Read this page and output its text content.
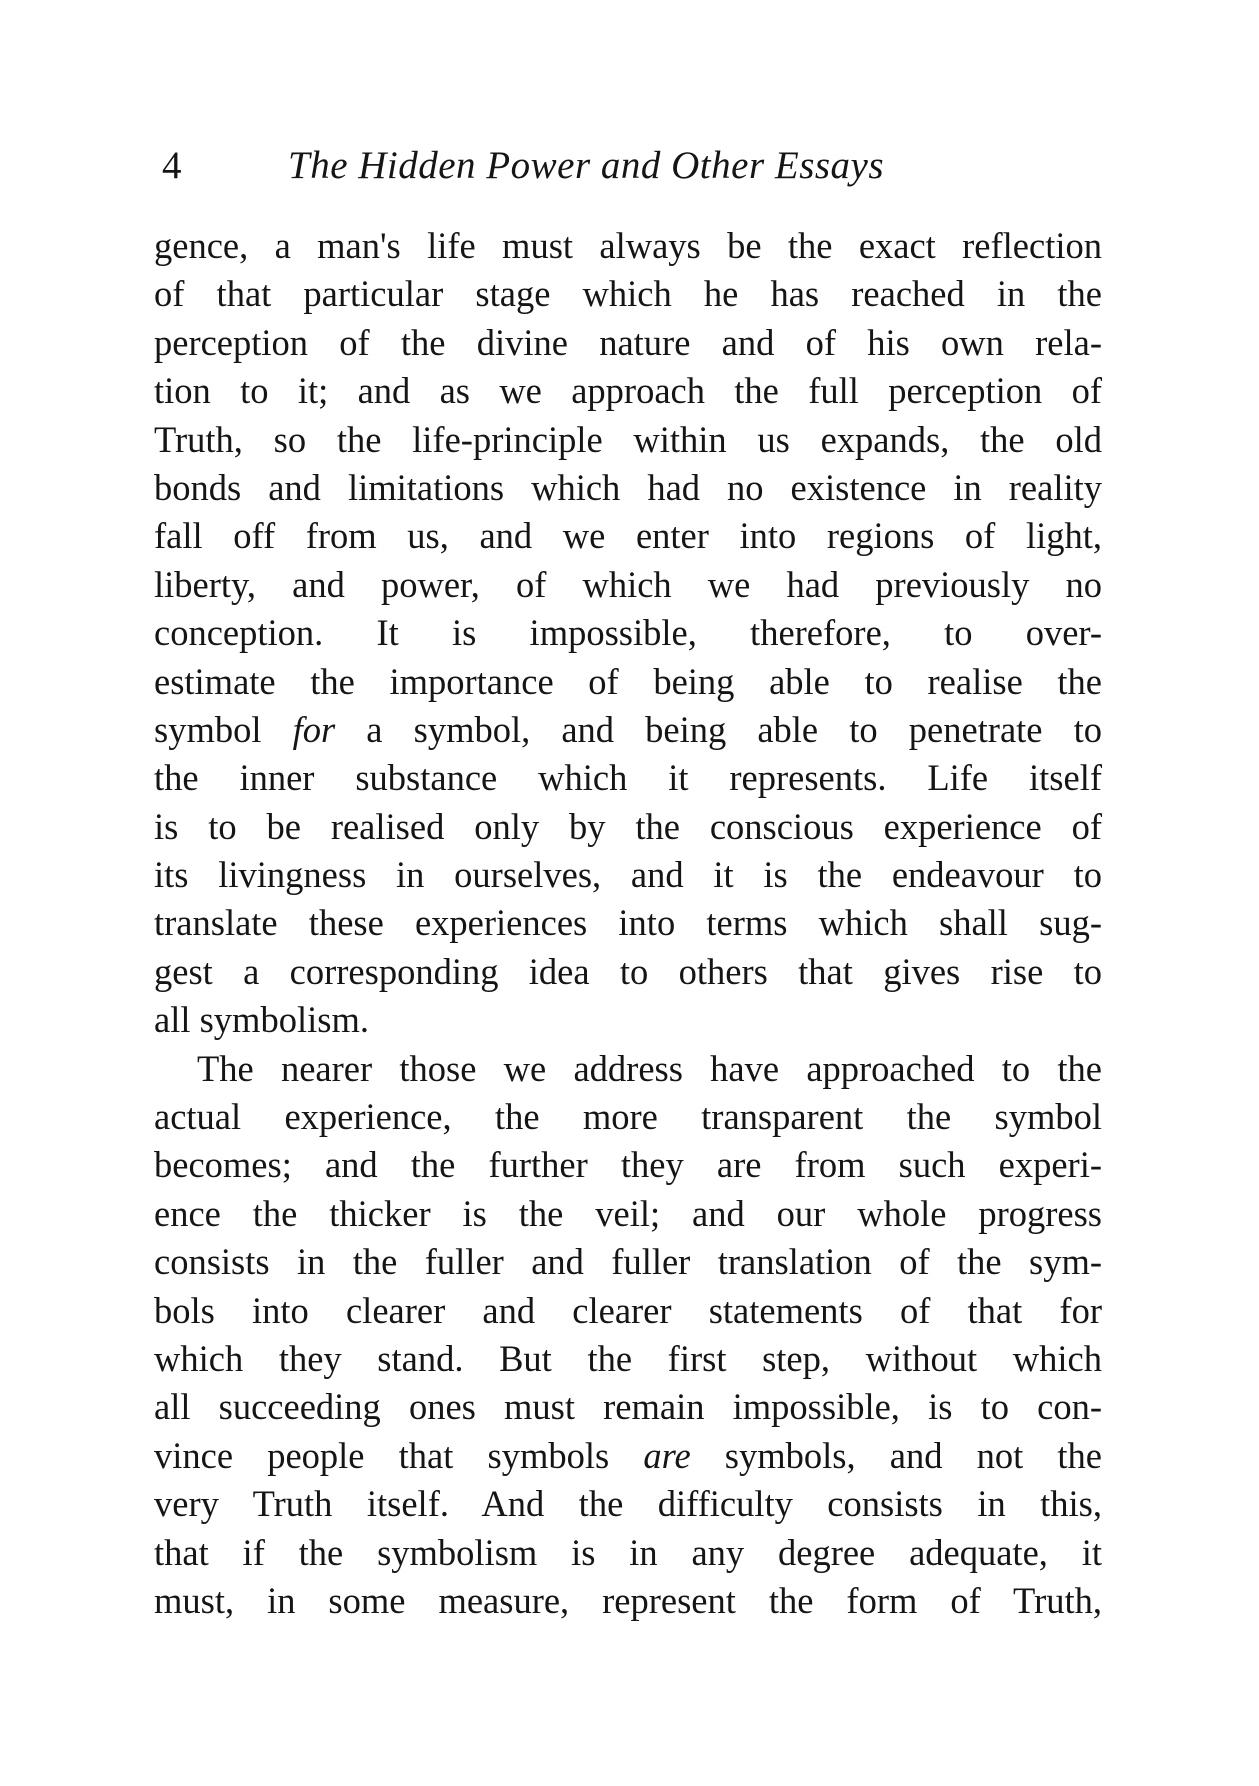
4	The Hidden Power and Other Essays
gence, a man's life must always be the exact reflection
of that particular stage which he has reached in the
perception of the divine nature and of his own rela-
tion to it; and as we approach the full perception of
Truth, so the life-principle within us expands, the old
bonds and limitations which had no existence in reality
fall off from us, and we enter into regions of light,
liberty, and power, of which we had previously no
conception. It is impossible, therefore, to over-
estimate the importance of being able to realise the
symbol for a symbol, and being able to penetrate to
the inner substance which it represents. Life itself
is to be realised only by the conscious experience of
its livingness in ourselves, and it is the endeavour to
translate these experiences into terms which shall sug-
gest a corresponding idea to others that gives rise to
all symbolism.
The nearer those we address have approached to the
actual experience, the more transparent the symbol
becomes; and the further they are from such experi-
ence the thicker is the veil; and our whole progress
consists in the fuller and fuller translation of the sym-
bols into clearer and clearer statements of that for
which they stand. But the first step, without which
all succeeding ones must remain impossible, is to con-
vince people that symbols are symbols, and not the
very Truth itself. And the difficulty consists in this,
that if the symbolism is in any degree adequate, it
must, in some measure, represent the form of Truth,
